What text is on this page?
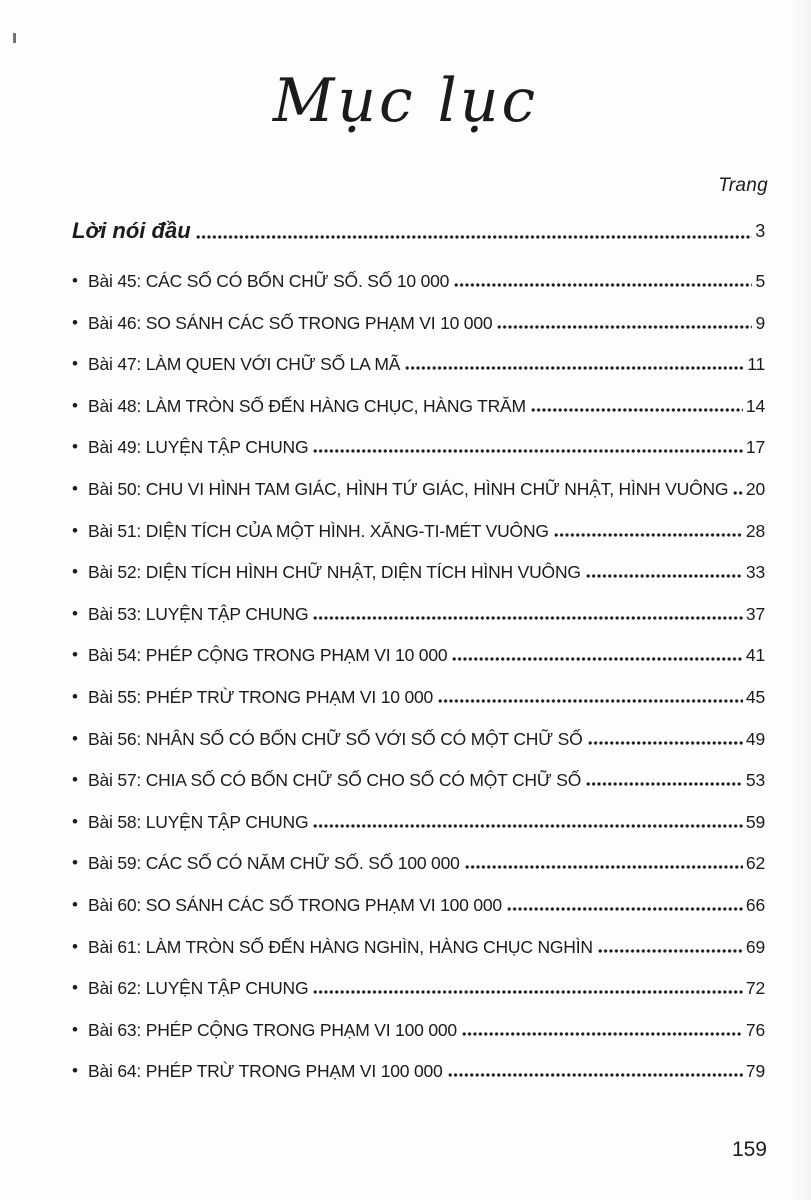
Mục lục
Trang
Lời nói đầu	3
• Bài 45: CÁC SỐ CÓ BỐN CHỮ SỐ. SỐ 10 000	5
• Bài 46: SO SÁNH CÁC SỐ TRONG PHẠM VI 10 000	9
• Bài 47: LÀM QUEN VỚI CHỮ SỐ LA MÃ	11
• Bài 48: LÀM TRÒN SỐ ĐẾN HÀNG CHỤC, HÀNG TRĂM	14
• Bài 49: LUYỆN TẬP CHUNG	17
• Bài 50: CHU VI HÌNH TAM GIÁC, HÌNH TỨ GIÁC, HÌNH CHỮ NHẬT, HÌNH VUÔNG 20
• Bài 51: DIỆN TÍCH CỦA MỘT HÌNH. XĂNG-TI-MÉT VUÔNG	28
• Bài 52: DIỆN TÍCH HÌNH CHỮ NHẬT, DIỆN TÍCH HÌNH VUÔNG	33
• Bài 53: LUYỆN TẬP CHUNG	37
• Bài 54: PHÉP CỘNG TRONG PHẠM VI 10 000	41
• Bài 55: PHÉP TRỪ TRONG PHẠM VI 10 000	45
• Bài 56: NHÂN SỐ CÓ BỐN CHỮ SỐ VỚI SỐ CÓ MỘT CHỮ SỐ	49
• Bài 57: CHIA SỐ CÓ BỐN CHỮ SỐ CHO SỐ CÓ MỘT CHỮ SỐ	53
• Bài 58: LUYỆN TẬP CHUNG	59
• Bài 59: CÁC SỐ CÓ NĂM CHỮ SỐ. SỐ 100 000	62
• Bài 60: SO SÁNH CÁC SỐ TRONG PHẠM VI 100 000	66
• Bài 61: LÀM TRÒN SỐ ĐẾN HÀNG NGHÌN, HÀNG CHỤC NGHÌN	69
• Bài 62: LUYỆN TẬP CHUNG	72
• Bài 63: PHÉP CỘNG TRONG PHẠM VI 100 000	76
• Bài 64: PHÉP TRỪ TRONG PHẠM VI 100 000	79
159
